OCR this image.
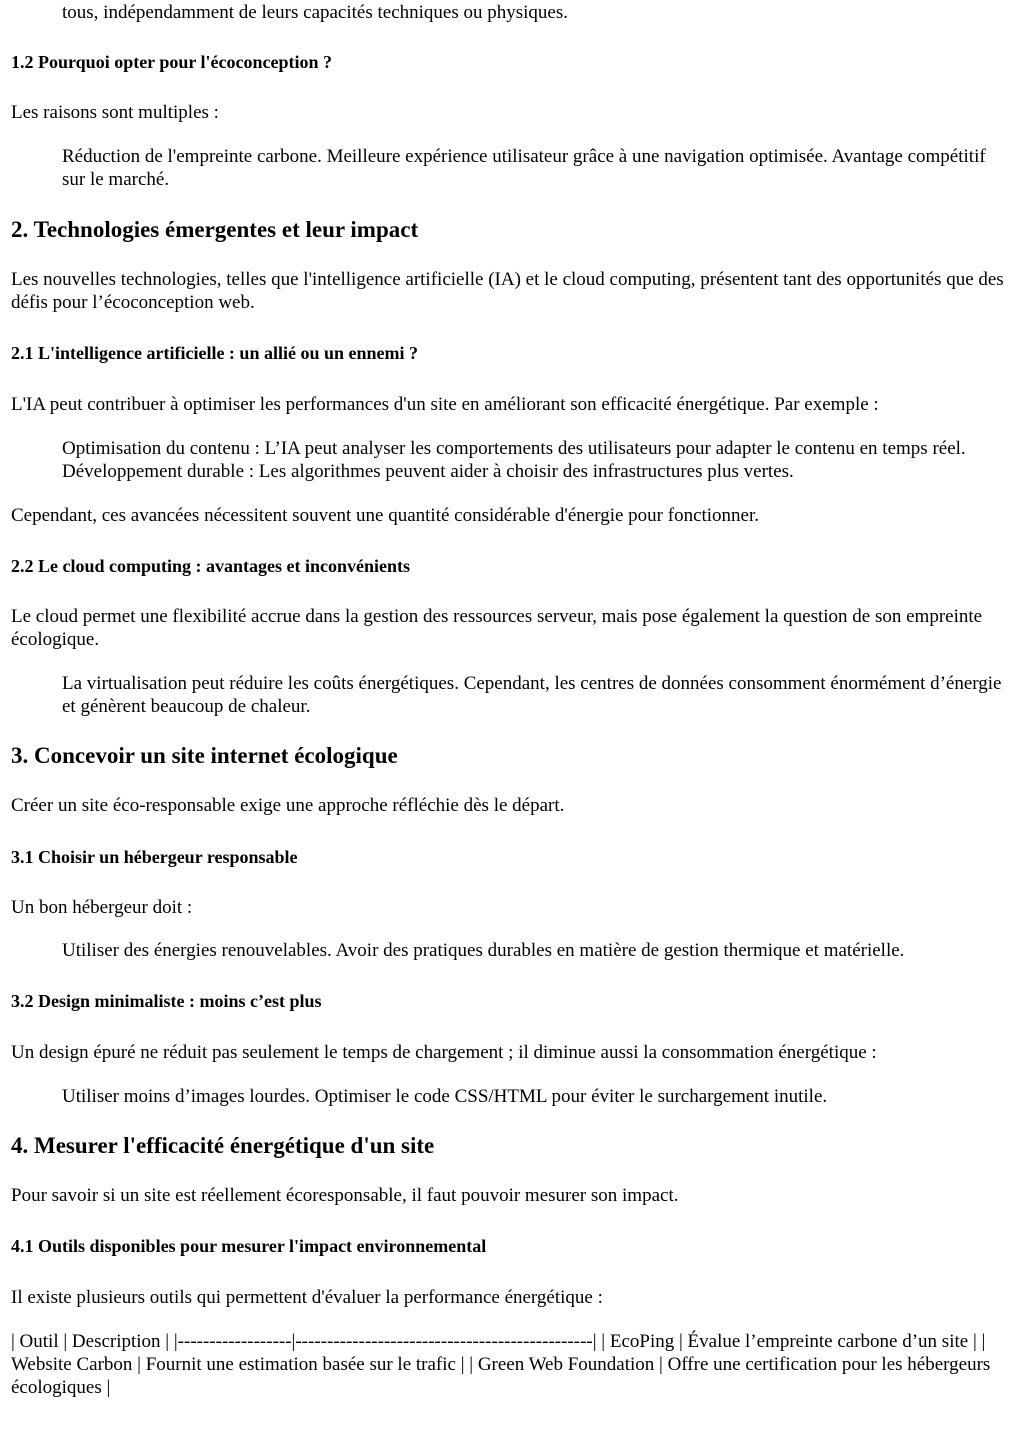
tous, indépendamment de leurs capacités techniques ou physiques.

1.2 Pourquoi opter pour l'écoconception ?

Les raisons sont multiples :

Réduction de l'empreinte carbone. Meilleure expérience utilisateur grâce à une navigation optimisée. Avantage compétitif sur le marché.

2. Technologies émergentes et leur impact

Les nouvelles technologies, telles que l'intelligence artificielle (IA) et le cloud computing, présentent tant des opportunités que des défis pour l’écoconception web.

2.1 L'intelligence artificielle : un allié ou un ennemi ?

L'IA peut contribuer à optimiser les performances d'un site en améliorant son efficacité énergétique. Par exemple :

Optimisation du contenu : L’IA peut analyser les comportements des utilisateurs pour adapter le contenu en temps réel. Développement durable : Les algorithmes peuvent aider à choisir des infrastructures plus vertes.

Cependant, ces avancées nécessitent souvent une quantité considérable d'énergie pour fonctionner.

2.2 Le cloud computing : avantages et inconvénients

Le cloud permet une flexibilité accrue dans la gestion des ressources serveur, mais pose également la question de son empreinte écologique.

La virtualisation peut réduire les coûts énergétiques. Cependant, les centres de données consomment énormément d’énergie et génèrent beaucoup de chaleur.

3. Concevoir un site internet écologique

Créer un site éco-responsable exige une approche réfléchie dès le départ.

3.1 Choisir un hébergeur responsable

Un bon hébergeur doit :

Utiliser des énergies renouvelables. Avoir des pratiques durables en matière de gestion thermique et matérielle.

3.2 Design minimaliste : moins c’est plus

Un design épuré ne réduit pas seulement le temps de chargement ; il diminue aussi la consommation énergétique :

Utiliser moins d’images lourdes. Optimiser le code CSS/HTML pour éviter le surchargement inutile.

4. Mesurer l'efficacité énergétique d'un site

Pour savoir si un site est réellement écoresponsable, il faut pouvoir mesurer son impact.

4.1 Outils disponibles pour mesurer l'impact environnemental

Il existe plusieurs outils qui permettent d'évaluer la performance énergétique :

| Outil | Description | |------------------|-----------------------------------------------| | EcoPing | Évalue l’empreinte carbone d’un site | | Website Carbon | Fournit une estimation basée sur le trafic | | Green Web Foundation | Offre une certification pour les hébergeurs écologiques |
